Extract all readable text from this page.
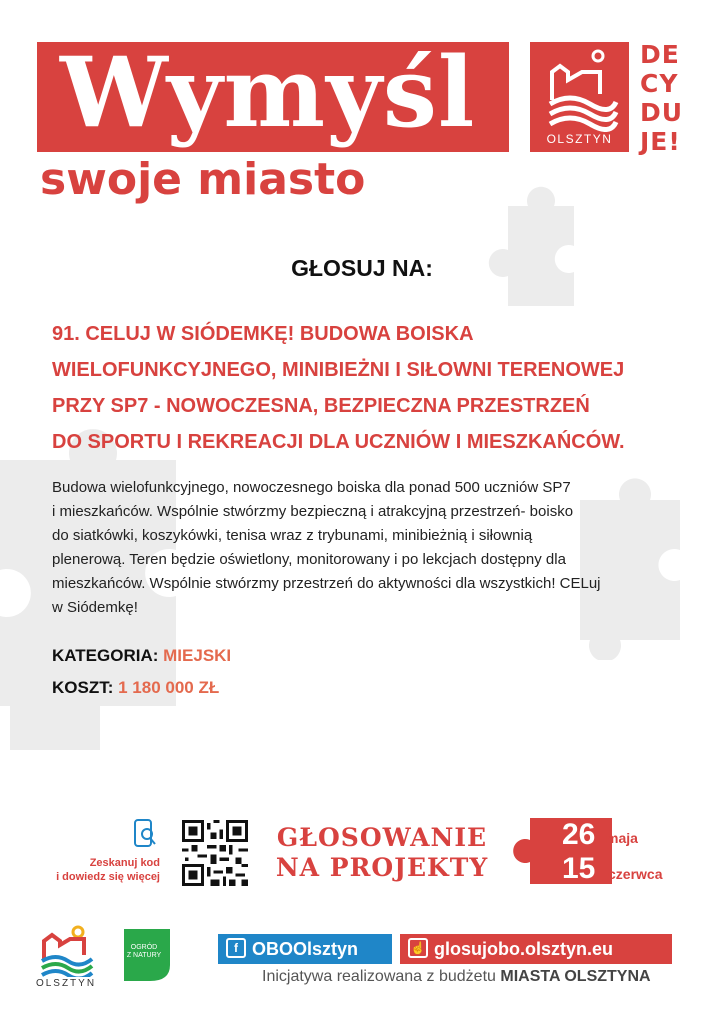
Wymyśl
swoje miasto
OLSZTYN
DE
CY
DU
JE!
GŁOSUJ NA:
91. CELUJ W SIÓDEMKĘ! BUDOWA BOISKA
WIELOFUNKCYJNEGO, MINIBIEŻNI I SIŁOWNI TERENOWEJ
PRZY SP7 - NOWOCZESNA, BEZPIECZNA PRZESTRZEŃ
DO SPORTU I REKREACJI DLA UCZNIÓW I MIESZKAŃCÓW.
Budowa wielofunkcyjnego, nowoczesnego boiska dla ponad 500 uczniów SP7
i mieszkańców. Wspólnie stwórzmy bezpieczną i atrakcyjną przestrzeń- boisko
do siatkówki, koszykówki, tenisa wraz z trybunami, minibieżnią i siłownią
plenerową. Teren będzie oświetlony, monitorowany i po lekcjach dostępny dla
mieszkańców. Wspólnie stwórzmy przestrzeń do aktywności dla wszystkich! CELuj
w Siódemkę!
KATEGORIA: MIEJSKI
KOSZT: 1 180 000 ZŁ
Zeskanuj kod
i dowiedz się więcej
GŁOSOWANIE
NA PROJEKTY
26 maja
15 czerwca
OLSZTYN
OGRÓD
Z NATURY
f OBOOlsztyn	☝ glosujobo.olsztyn.eu
Inicjatywa realizowana z budżetu MIASTA OLSZTYNA
